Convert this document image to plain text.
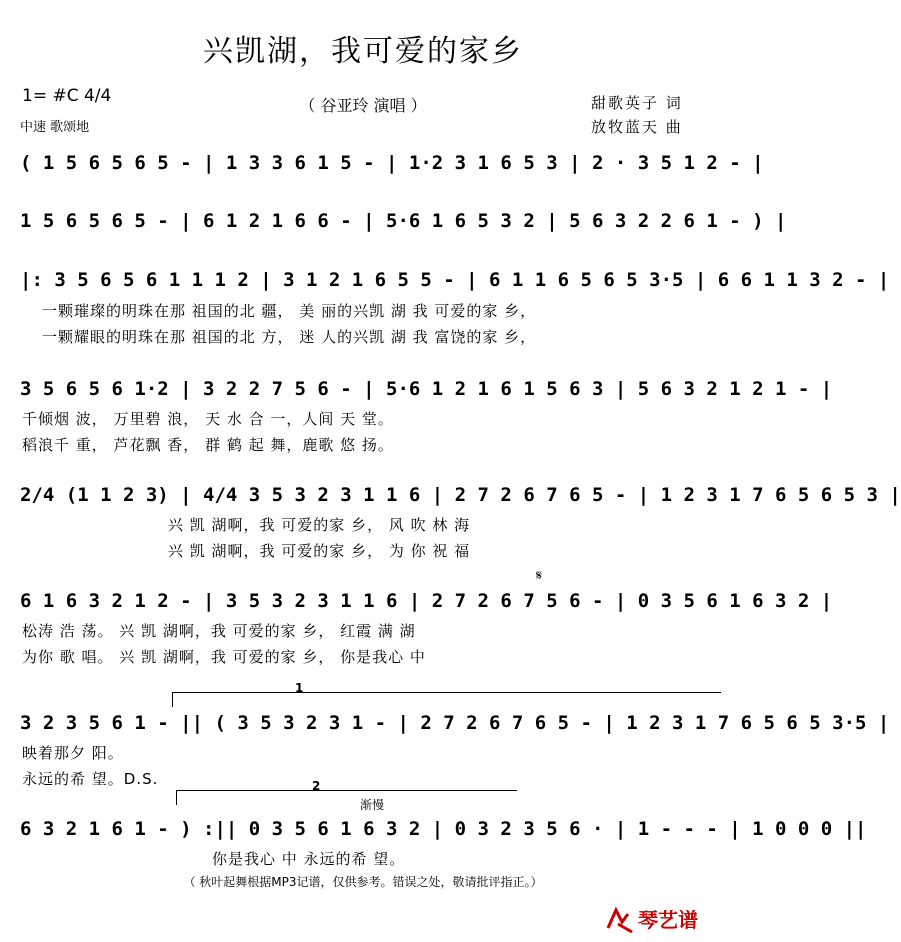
兴凯湖，我可爱的家乡
（ 谷亚玲 演唱 ）
1= #C 4/4
中速 歌颂地
甜歌英子 词
放牧蓝天 曲
( 1 5 6 5 6 5 - | 1 3 3 6 1 5 - | 1·2 3 1 6 5 3 | 2 · 3 5 1 2 - |
1 5 6 5 6 5 - | 6 1 2 1 6 6 - | 5·6 1 6 5 3 2 | 5 6 3 2 2 6 1 - ) |
|: 3 5 6 5 6 1 1 1 2 | 3 1 2 1 6 5 5 - | 6 1 1 6 5 6 5 3·5 | 6 6 1 1 3 2 - |
一颗璀璨的明珠在那 祖国的北 疆， 美 丽的兴凯 湖 我 可爱的家 乡，
一颗耀眼的明珠在那 祖国的北 方， 迷 人的兴凯 湖 我 富饶的家 乡，
3 5 6 5 6 1·2 | 3 2 2 7 5 6 - | 5·6 1 2 1 6 1 5 6 3 | 5 6 3 2 1 2 1 - |
千倾烟 波， 万里碧 浪， 天 水 合 一，人间 天 堂。
稻浪千 重， 芦花飘 香， 群 鹤 起 舞，鹿歌 悠 扬。
2/4 (1 1 2 3) | 4/4 3 5 3 2 3 1 1 6 | 2 7 2 6 7 6 5 - | 1 2 3 1 7 6 5 6 5 3 |
兴 凯 湖啊，我 可爱的家 乡， 风 吹 林 海
兴 凯 湖啊，我 可爱的家 乡， 为 你 祝 福
𝄋
6 1 6 3 2 1 2 - | 3 5 3 2 3 1 1 6 | 2 7 2 6 7 5 6 - | 0 3 5 6 1 6 3 2 |
松涛 浩 荡。 兴 凯 湖啊，我 可爱的家 乡， 红霞 满 湖
为你 歌 唱。 兴 凯 湖啊，我 可爱的家 乡， 你是我心 中
1
3 2 3 5 6 1 - || ( 3 5 3 2 3 1 - | 2 7 2 6 7 6 5 - | 1 2 3 1 7 6 5 6 5 3·5 |
映着那夕 阳。
永远的希 望。D.S.	2
渐慢
6 3 2 1 6 1 - ) :|| 0 3 5 6 1 6 3 2 | 0 3 2 3 5 6 · | 1 - - - | 1 0 0 0 ||
你是我心 中 永远的希 望。
（ 秋叶起舞根据MP3记谱，仅供参考。错误之处，敬请批评指正。）
琴艺谱
